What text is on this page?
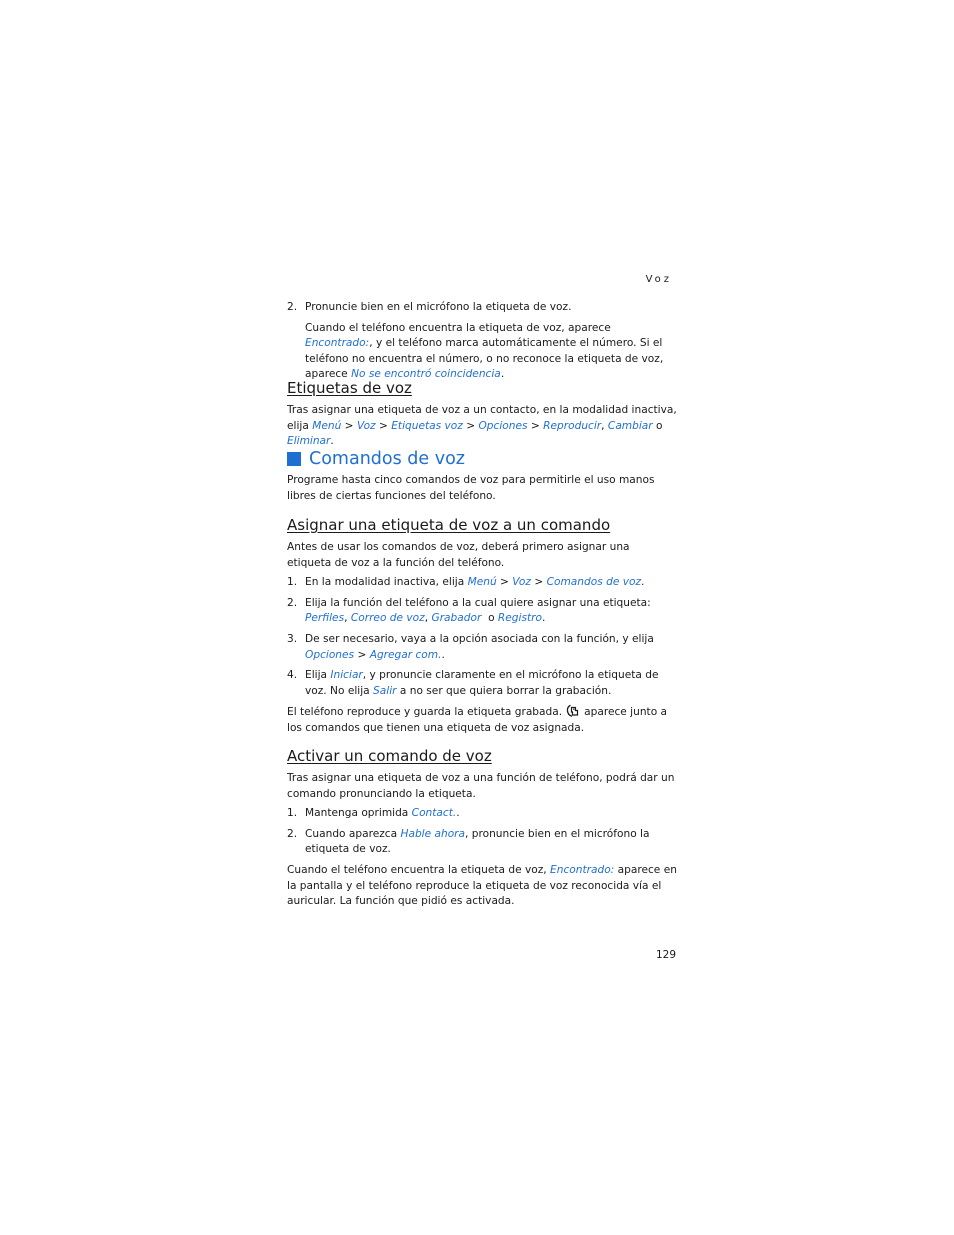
Voz
2. Pronuncie bien en el micrófono la etiqueta de voz.

Cuando el teléfono encuentra la etiqueta de voz, aparece Encontrado:, y el teléfono marca automáticamente el número. Si el teléfono no encuentra el número, o no reconoce la etiqueta de voz, aparece No se encontró coincidencia.

Etiquetas de voz

Tras asignar una etiqueta de voz a un contacto, en la modalidad inactiva, elija Menú > Voz > Etiquetas voz > Opciones > Reproducir, Cambiar o Eliminar.

Comandos de voz

Programe hasta cinco comandos de voz para permitirle el uso manos libres de ciertas funciones del teléfono.

Asignar una etiqueta de voz a un comando

Antes de usar los comandos de voz, deberá primero asignar una etiqueta de voz a la función del teléfono.

1. En la modalidad inactiva, elija Menú > Voz > Comandos de voz.
2. Elija la función del teléfono a la cual quiere asignar una etiqueta: Perfiles, Correo de voz, Grabador  o Registro.
3. De ser necesario, vaya a la opción asociada con la función, y elija Opciones > Agregar com..
4. Elija Iniciar, y pronuncie claramente en el micrófono la etiqueta de voz. No elija Salir a no ser que quiera borrar la grabación.

El teléfono reproduce y guarda la etiqueta grabada. aparece junto a los comandos que tienen una etiqueta de voz asignada.

Activar un comando de voz

Tras asignar una etiqueta de voz a una función de teléfono, podrá dar un comando pronunciando la etiqueta.

1. Mantenga oprimida Contact..
2. Cuando aparezca Hable ahora, pronuncie bien en el micrófono la etiqueta de voz.

Cuando el teléfono encuentra la etiqueta de voz, Encontrado: aparece en la pantalla y el teléfono reproduce la etiqueta de voz reconocida vía el auricular. La función que pidió es activada.

129
